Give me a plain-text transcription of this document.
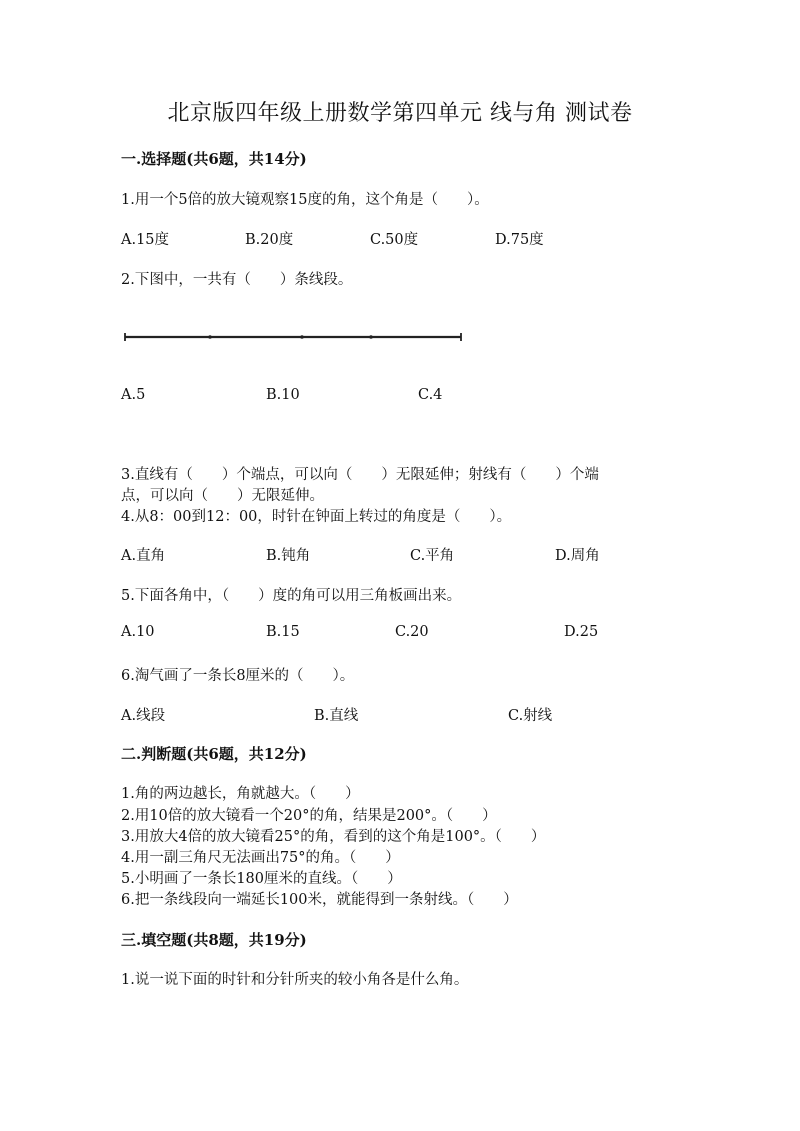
北京版四年级上册数学第四单元 线与角 测试卷
一.选择题(共6题，共14分)
1.用一个5倍的放大镜观察15度的角，这个角是（　　）。
A.15度	B.20度	C.50度	D.75度
2.下图中，一共有（　　）条线段。
A.5	B.10	C.4
3.直线有（　　）个端点，可以向（　　）无限延伸；射线有（　　）个端
点，可以向（　　）无限延伸。
4.从8：00到12：00，时针在钟面上转过的角度是（　　）。
A.直角	B.钝角	C.平角	D.周角
5.下面各角中，（　　）度的角可以用三角板画出来。
A.10	B.15	C.20	D.25
6.淘气画了一条长8厘米的（　　）。
A.线段	B.直线	C.射线
二.判断题(共6题，共12分)
1.角的两边越长，角就越大。（　　）
2.用10倍的放大镜看一个20°的角，结果是200°。（　　）
3.用放大4倍的放大镜看25°的角，看到的这个角是100°。（　　）
4.用一副三角尺无法画出75°的角。（　　）
5.小明画了一条长180厘米的直线。（　　）
6.把一条线段向一端延长100米，就能得到一条射线。（　　）
三.填空题(共8题，共19分)
1.说一说下面的时针和分针所夹的较小角各是什么角。
